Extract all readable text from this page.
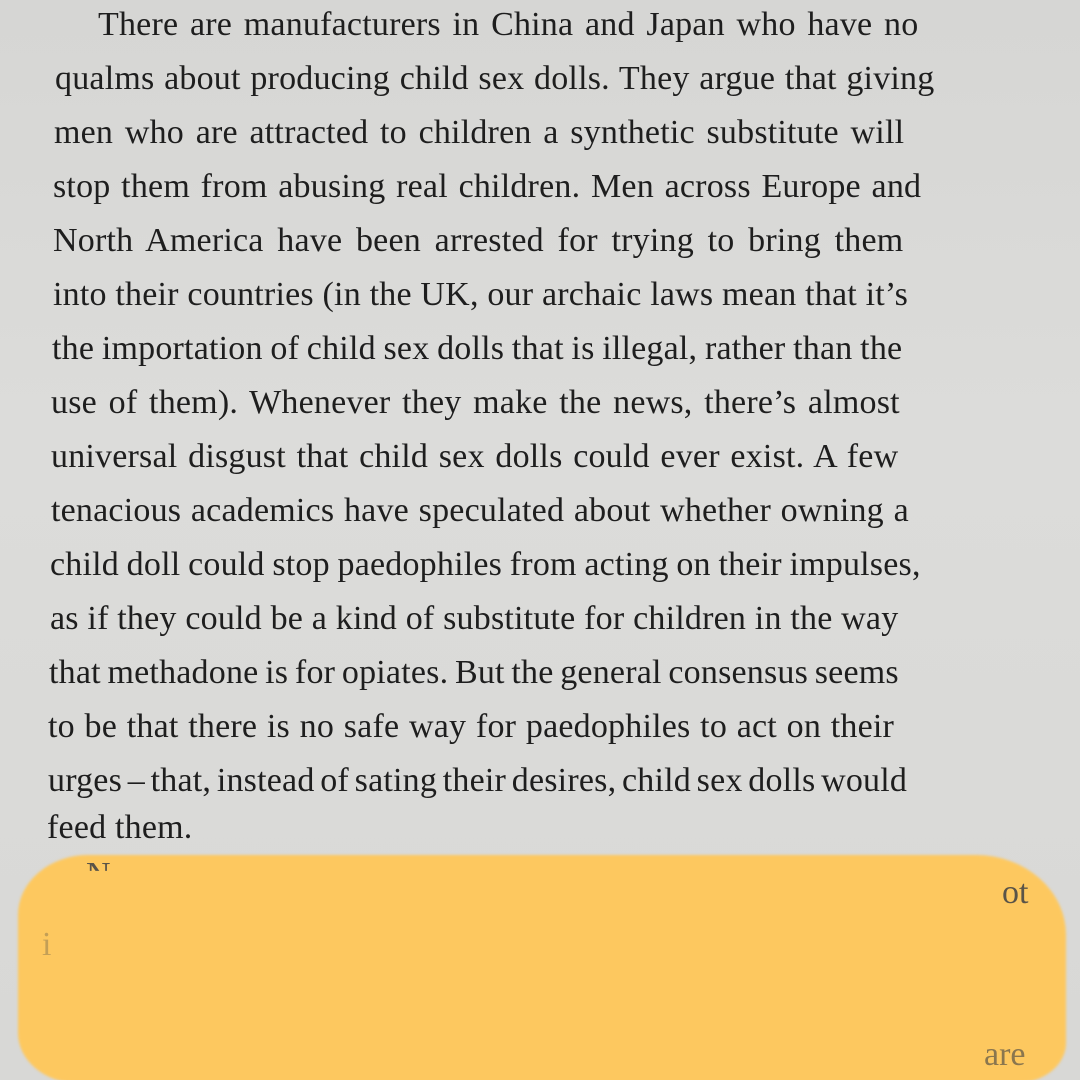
There are manufacturers in China and Japan who have no
qualms about producing child sex dolls. They argue that giving
men who are attracted to children a synthetic substitute will
stop them from abusing real children. Men across Europe and
North America have been arrested for trying to bring them
into their countries (in the UK, our archaic laws mean that it’s
the importation of child sex dolls that is illegal, rather than the
use of them). Whenever they make the news, there’s almost
universal disgust that child sex dolls could ever exist. A few
tenacious academics have speculated about whether owning a
child doll could stop paedophiles from acting on their impulses,
as if they could be a kind of substitute for children in the way
that methadone is for opiates. But the general consensus seems
to be that there is no safe way for paedophiles to act on their
urges – that, instead of sating their desires, child sex dolls would
feed them.
ot
i
are
